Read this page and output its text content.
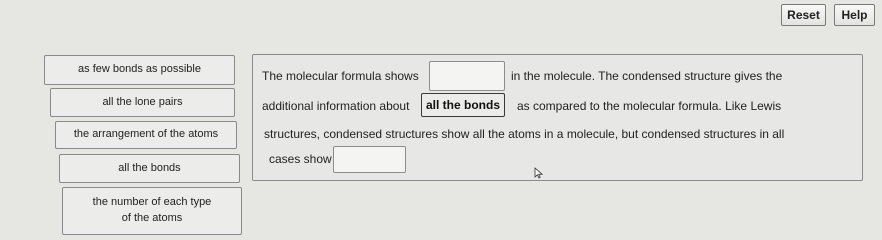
Reset	Help
as few bonds as possible
all the lone pairs
the arrangement of the atoms
all the bonds
the number of each type of the atoms
The molecular formula shows	in the molecule. The condensed structure gives the
additional information about	all the bonds	as compared to the molecular formula. Like Lewis
structures, condensed structures show all the atoms in a molecule, but condensed structures in all
cases show
